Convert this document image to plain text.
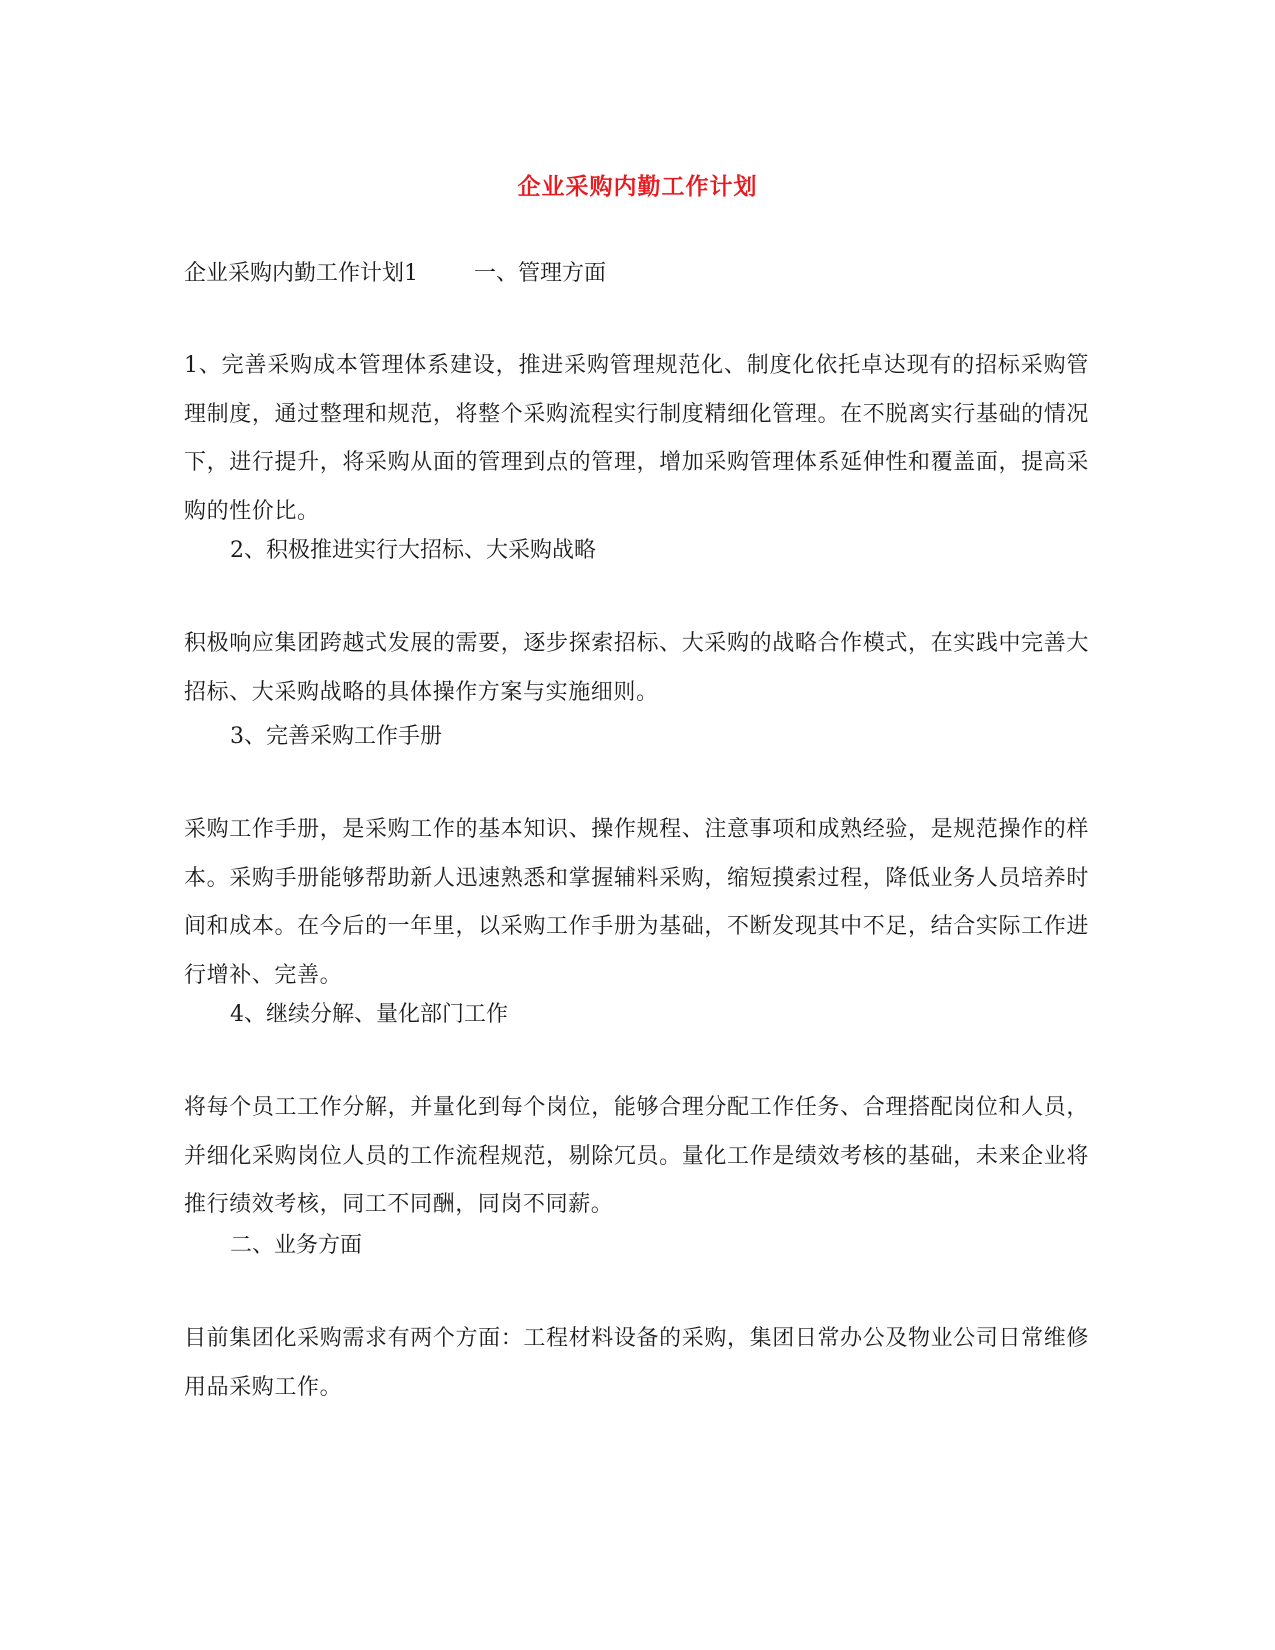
企业采购内勤工作计划
企业采购内勤工作计划1	一、管理方面
1、完善采购成本管理体系建设，推进采购管理规范化、制度化依托卓达现有的招标采购管理制度，通过整理和规范，将整个采购流程实行制度精细化管理。在不脱离实行基础的情况下，进行提升，将采购从面的管理到点的管理，增加采购管理体系延伸性和覆盖面，提高采购的性价比。
2、积极推进实行大招标、大采购战略
积极响应集团跨越式发展的需要，逐步探索招标、大采购的战略合作模式，在实践中完善大招标、大采购战略的具体操作方案与实施细则。
3、完善采购工作手册
采购工作手册，是采购工作的基本知识、操作规程、注意事项和成熟经验，是规范操作的样本。采购手册能够帮助新人迅速熟悉和掌握辅料采购，缩短摸索过程，降低业务人员培养时间和成本。在今后的一年里，以采购工作手册为基础，不断发现其中不足，结合实际工作进行增补、完善。
4、继续分解、量化部门工作
将每个员工工作分解，并量化到每个岗位，能够合理分配工作任务、合理搭配岗位和人员，并细化采购岗位人员的工作流程规范，剔除冗员。量化工作是绩效考核的基础，未来企业将推行绩效考核，同工不同酬，同岗不同薪。
二、业务方面
目前集团化采购需求有两个方面：工程材料设备的采购，集团日常办公及物业公司日常维修用品采购工作。
